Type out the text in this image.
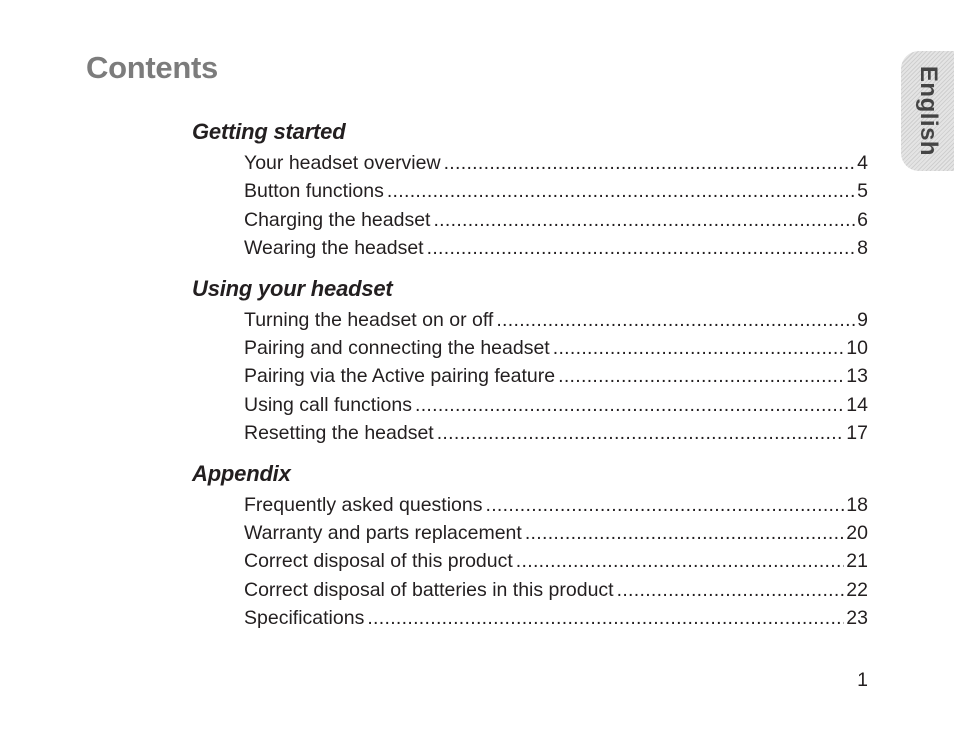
Contents	English
Getting started
Your headset overview .....	4
Button functions .....	5
Charging the headset .....	6
Wearing the headset .....	8
Using your headset
Turning the headset on or off .....	9
Pairing and connecting the headset .....	10
Pairing via the Active pairing feature .....	13
Using call functions .....	14
Resetting the headset .....	17
Appendix
Frequently asked questions .....	18
Warranty and parts replacement .....	20
Correct disposal of this product .....	21
Correct disposal of batteries in this product .....	22
Specifications .....	23
1
